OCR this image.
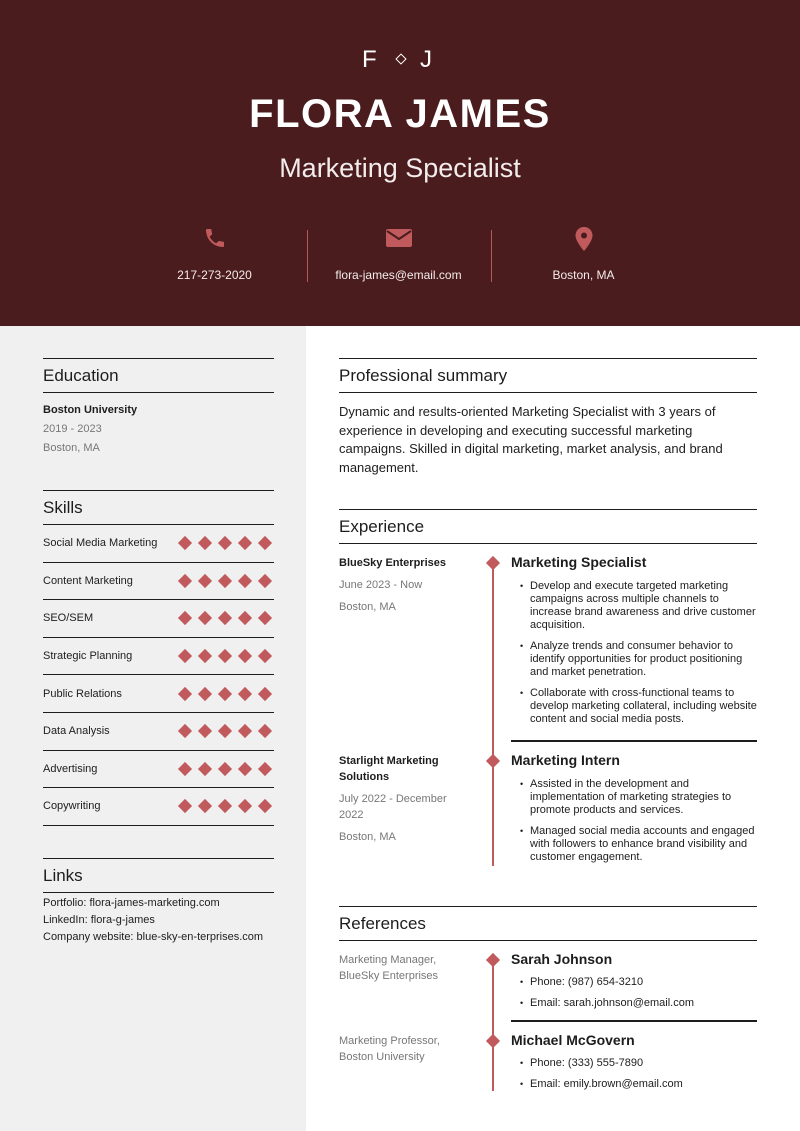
F J
FLORA JAMES
Marketing Specialist
217-273-2020	flora-james@email.com	Boston, MA
Education
Boston University
2019 - 2023
Boston, MA
Skills
Social Media Marketing
Content Marketing
SEO/SEM
Strategic Planning
Public Relations
Data Analysis
Advertising
Copywriting
Links
Portfolio: flora-james-marketing.com
LinkedIn: flora-g-james
Company website: blue-sky-en-terprises.com
Professional summary
Dynamic and results-oriented Marketing Specialist with 3 years of experience in developing and executing successful marketing campaigns. Skilled in digital marketing, market analysis, and brand management.
Experience
BlueSky Enterprises
June 2023 - Now
Boston, MA
Marketing Specialist
• Develop and execute targeted marketing campaigns across multiple channels to increase brand awareness and drive customer acquisition.
• Analyze trends and consumer behavior to identify opportunities for product positioning and market penetration.
• Collaborate with cross-functional teams to develop marketing collateral, including website content and social media posts.
Starlight Marketing Solutions
July 2022 - December 2022
Boston, MA
Marketing Intern
• Assisted in the development and implementation of marketing strategies to promote products and services.
• Managed social media accounts and engaged with followers to enhance brand visibility and customer engagement.
References
Marketing Manager, BlueSky Enterprises
Sarah Johnson
• Phone: (987) 654-3210
• Email: sarah.johnson@email.com
Marketing Professor, Boston University
Michael McGovern
• Phone: (333) 555-7890
• Email: emily.brown@email.com
